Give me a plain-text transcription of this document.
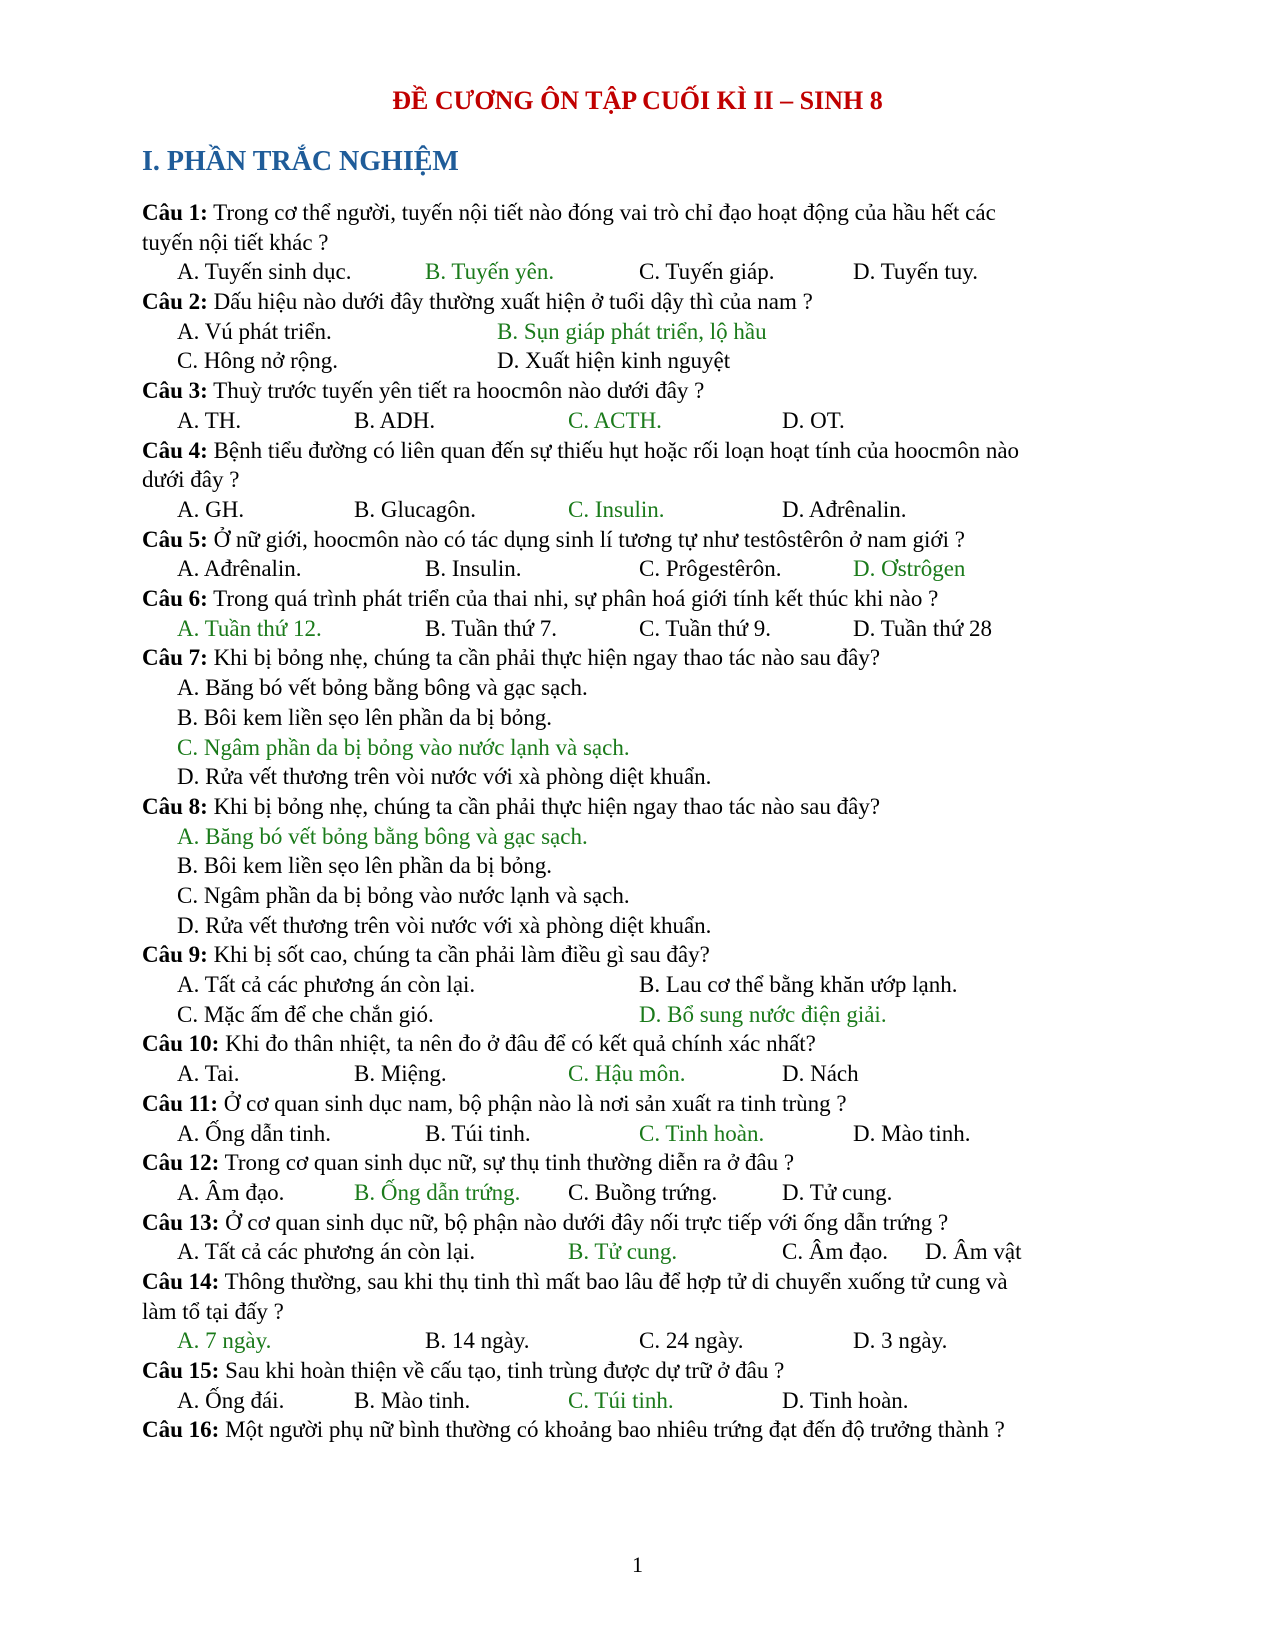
ĐỀ CƯƠNG ÔN TẬP CUỐI KÌ II – SINH 8
I. PHẦN TRẮC NGHIỆM
Câu 1: Trong cơ thể người, tuyến nội tiết nào đóng vai trò chỉ đạo hoạt động của hầu hết các
tuyến nội tiết khác ?
A. Tuyến sinh dục.	B. Tuyến yên.	C. Tuyến giáp.	D. Tuyến tuy.
Câu 2: Dấu hiệu nào dưới đây thường xuất hiện ở tuổi dậy thì của nam ?
A. Vú phát triển.	B. Sụn giáp phát triển, lộ hầu
C. Hông nở rộng.	D. Xuất hiện kinh nguyệt
Câu 3: Thuỳ trước tuyến yên tiết ra hoocmôn nào dưới đây ?
A. TH.	B. ADH.	C. ACTH.	D. OT.
Câu 4: Bệnh tiểu đường có liên quan đến sự thiếu hụt hoặc rối loạn hoạt tính của hoocmôn nào
dưới đây ?
A. GH.	B. Glucagôn.	C. Insulin.	D. Ađrênalin.
Câu 5: Ở nữ giới, hoocmôn nào có tác dụng sinh lí tương tự như testôstêrôn ở nam giới ?
A. Ađrênalin.	B. Insulin.	C. Prôgestêrôn.	D. Ơstrôgen
Câu 6: Trong quá trình phát triển của thai nhi, sự phân hoá giới tính kết thúc khi nào ?
A. Tuần thứ 12.	B. Tuần thứ 7.	C. Tuần thứ 9.	D. Tuần thứ 28
Câu 7: Khi bị bỏng nhẹ, chúng ta cần phải thực hiện ngay thao tác nào sau đây?
A. Băng bó vết bỏng bằng bông và gạc sạch.
B. Bôi kem liền sẹo lên phần da bị bỏng.
C. Ngâm phần da bị bỏng vào nước lạnh và sạch.
D. Rửa vết thương trên vòi nước với xà phòng diệt khuẩn.
Câu 8: Khi bị bỏng nhẹ, chúng ta cần phải thực hiện ngay thao tác nào sau đây?
A. Băng bó vết bỏng bằng bông và gạc sạch.
B. Bôi kem liền sẹo lên phần da bị bỏng.
C. Ngâm phần da bị bỏng vào nước lạnh và sạch.
D. Rửa vết thương trên vòi nước với xà phòng diệt khuẩn.
Câu 9: Khi bị sốt cao, chúng ta cần phải làm điều gì sau đây?
A. Tất cả các phương án còn lại.	B. Lau cơ thể bằng khăn ướp lạnh.
C. Mặc ấm để che chắn gió.	D. Bổ sung nước điện giải.
Câu 10: Khi đo thân nhiệt, ta nên đo ở đâu để có kết quả chính xác nhất?
A. Tai.	B. Miệng.	C. Hậu môn.	D. Nách
Câu 11: Ở cơ quan sinh dục nam, bộ phận nào là nơi sản xuất ra tinh trùng ?
A. Ống dẫn tinh.	B. Túi tinh.	C. Tinh hoàn.	D. Mào tinh.
Câu 12: Trong cơ quan sinh dục nữ, sự thụ tinh thường diễn ra ở đâu ?
A. Âm đạo.	B. Ống dẫn trứng. C. Buồng trứng.	D. Tử cung.
Câu 13: Ở cơ quan sinh dục nữ, bộ phận nào dưới đây nối trực tiếp với ống dẫn trứng ?
A. Tất cả các phương án còn lại.	B. Tử cung.	C. Âm đạo. D. Âm vật
Câu 14: Thông thường, sau khi thụ tinh thì mất bao lâu để hợp tử di chuyển xuống tử cung và
làm tổ tại đấy ?
A. 7 ngày.	B. 14 ngày.	C. 24 ngày.	D. 3 ngày.
Câu 15: Sau khi hoàn thiện về cấu tạo, tinh trùng được dự trữ ở đâu ?
A. Ống đái.	B. Mào tinh.	C. Túi tinh.	D. Tinh hoàn.
Câu 16: Một người phụ nữ bình thường có khoảng bao nhiêu trứng đạt đến độ trưởng thành ?
1
